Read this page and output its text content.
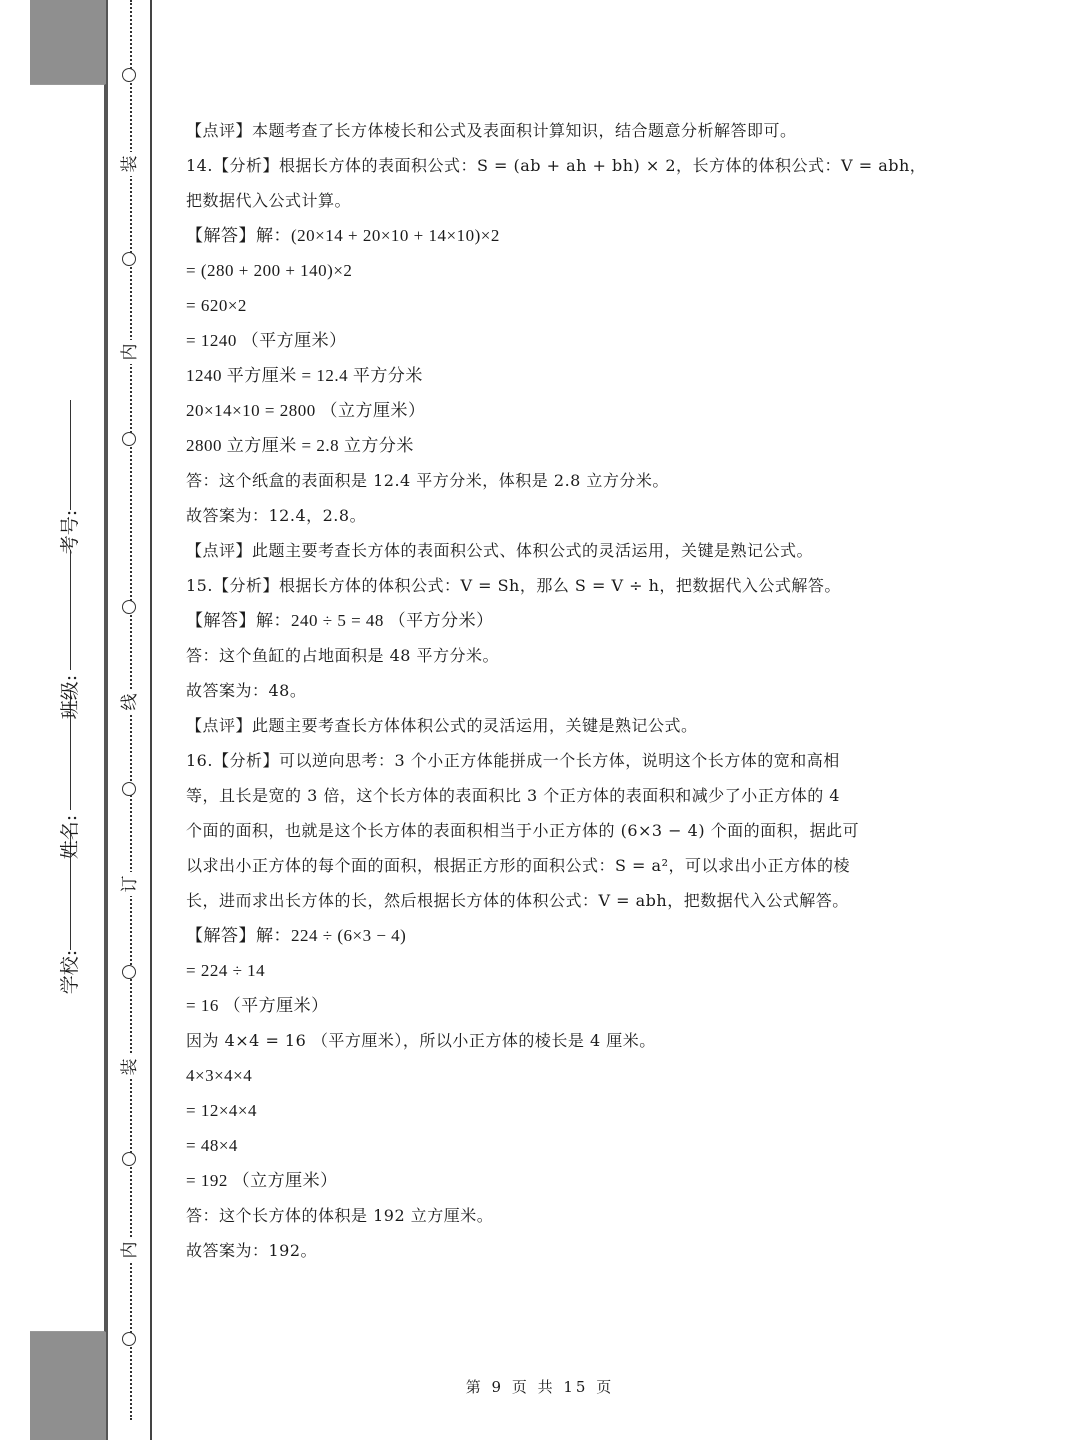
装
内
线
订
装
内
学校:
姓名:
班级:
考号:
【点评】本题考查了长方体棱长和公式及表面积计算知识，结合题意分析解答即可。
14.【分析】根据长方体的表面积公式：S = (ab + ah + bh) × 2，长方体的体积公式：V = abh，
把数据代入公式计算。
【解答】解：(20×14 + 20×10 + 14×10)×2
= (280 + 200 + 140)×2
= 620×2
= 1240 （平方厘米）
1240 平方厘米 = 12.4 平方分米
20×14×10 = 2800 （立方厘米）
2800 立方厘米 = 2.8 立方分米
答：这个纸盒的表面积是 12.4 平方分米，体积是 2.8 立方分米。
故答案为：12.4，2.8。
【点评】此题主要考查长方体的表面积公式、体积公式的灵活运用，关键是熟记公式。
15.【分析】根据长方体的体积公式：V = Sh，那么 S = V ÷ h，把数据代入公式解答。
【解答】解：240 ÷ 5 = 48 （平方分米）
答：这个鱼缸的占地面积是 48 平方分米。
故答案为：48。
【点评】此题主要考查长方体体积公式的灵活运用，关键是熟记公式。
16.【分析】可以逆向思考：3 个小正方体能拼成一个长方体，说明这个长方体的宽和高相
等，且长是宽的 3 倍，这个长方体的表面积比 3 个正方体的表面积和减少了小正方体的 4
个面的面积，也就是这个长方体的表面积相当于小正方体的 (6×3 − 4) 个面的面积，据此可
以求出小正方体的每个面的面积，根据正方形的面积公式：S = a²，可以求出小正方体的棱
长，进而求出长方体的长，然后根据长方体的体积公式：V = abh，把数据代入公式解答。
【解答】解：224 ÷ (6×3 − 4)
= 224 ÷ 14
= 16 （平方厘米）
因为 4×4 = 16 （平方厘米），所以小正方体的棱长是 4 厘米。
4×3×4×4
= 12×4×4
= 48×4
= 192 （立方厘米）
答：这个长方体的体积是 192 立方厘米。
故答案为：192。
第 9 页 共 15 页
